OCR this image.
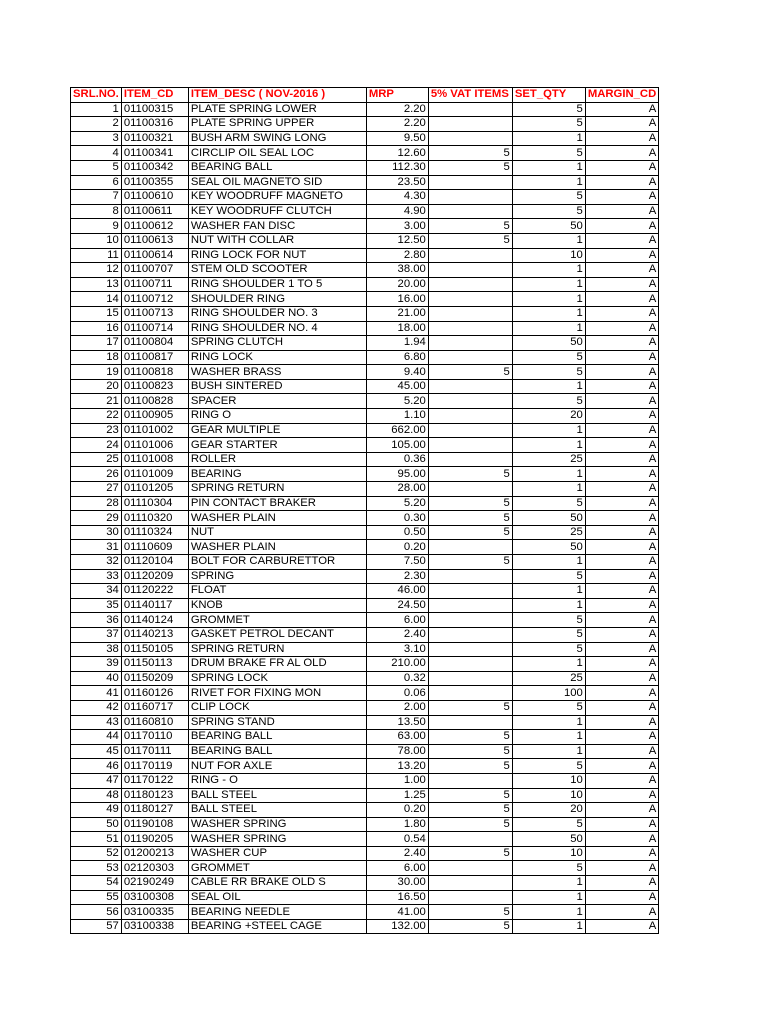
SRL.NO.	ITEM_CD	ITEM_DESC ( NOV-2016 )	MRP	5% VAT ITEMS	SET_QTY	MARGIN_CD
1	01100315	PLATE SPRING LOWER	2.20		5	A
2	01100316	PLATE SPRING UPPER	2.20		5	A
3	01100321	BUSH ARM SWING LONG	9.50		1	A
4	01100341	CIRCLIP OIL SEAL LOC	12.60	5	5	A
5	01100342	BEARING BALL	112.30	5	1	A
6	01100355	SEAL OIL MAGNETO SID	23.50		1	A
7	01100610	KEY WOODRUFF MAGNETO	4.30		5	A
8	01100611	KEY WOODRUFF CLUTCH	4.90		5	A
9	01100612	WASHER FAN DISC	3.00	5	50	A
10	01100613	NUT WITH COLLAR	12.50	5	1	A
11	01100614	RING LOCK FOR NUT	2.80		10	A
12	01100707	STEM OLD SCOOTER	38.00		1	A
13	01100711	RING SHOULDER 1 TO 5	20.00		1	A
14	01100712	SHOULDER RING	16.00		1	A
15	01100713	RING SHOULDER NO. 3	21.00		1	A
16	01100714	RING SHOULDER NO. 4	18.00		1	A
17	01100804	SPRING CLUTCH	1.94		50	A
18	01100817	RING LOCK	6.80		5	A
19	01100818	WASHER BRASS	9.40	5	5	A
20	01100823	BUSH SINTERED	45.00		1	A
21	01100828	SPACER	5.20		5	A
22	01100905	RING O	1.10		20	A
23	01101002	GEAR MULTIPLE	662.00		1	A
24	01101006	GEAR STARTER	105.00		1	A
25	01101008	ROLLER	0.36		25	A
26	01101009	BEARING	95.00	5	1	A
27	01101205	SPRING RETURN	28.00		1	A
28	01110304	PIN CONTACT BRAKER	5.20	5	5	A
29	01110320	WASHER PLAIN	0.30	5	50	A
30	01110324	NUT	0.50	5	25	A
31	01110609	WASHER PLAIN	0.20		50	A
32	01120104	BOLT FOR CARBURETTOR	7.50	5	1	A
33	01120209	SPRING	2.30		5	A
34	01120222	FLOAT	46.00		1	A
35	01140117	KNOB	24.50		1	A
36	01140124	GROMMET	6.00		5	A
37	01140213	GASKET PETROL DECANT	2.40		5	A
38	01150105	SPRING RETURN	3.10		5	A
39	01150113	DRUM BRAKE FR AL OLD	210.00		1	A
40	01150209	SPRING LOCK	0.32		25	A
41	01160126	RIVET FOR FIXING MON	0.06		100	A
42	01160717	CLIP LOCK	2.00	5	5	A
43	01160810	SPRING STAND	13.50		1	A
44	01170110	BEARING BALL	63.00	5	1	A
45	01170111	BEARING BALL	78.00	5	1	A
46	01170119	NUT FOR AXLE	13.20	5	5	A
47	01170122	RING - O	1.00		10	A
48	01180123	BALL STEEL	1.25	5	10	A
49	01180127	BALL STEEL	0.20	5	20	A
50	01190108	WASHER SPRING	1.80	5	5	A
51	01190205	WASHER SPRING	0.54		50	A
52	01200213	WASHER CUP	2.40	5	10	A
53	02120303	GROMMET	6.00		5	A
54	02190249	CABLE RR BRAKE OLD S	30.00		1	A
55	03100308	SEAL OIL	16.50		1	A
56	03100335	BEARING NEEDLE	41.00	5	1	A
57	03100338	BEARING +STEEL CAGE	132.00	5	1	A
